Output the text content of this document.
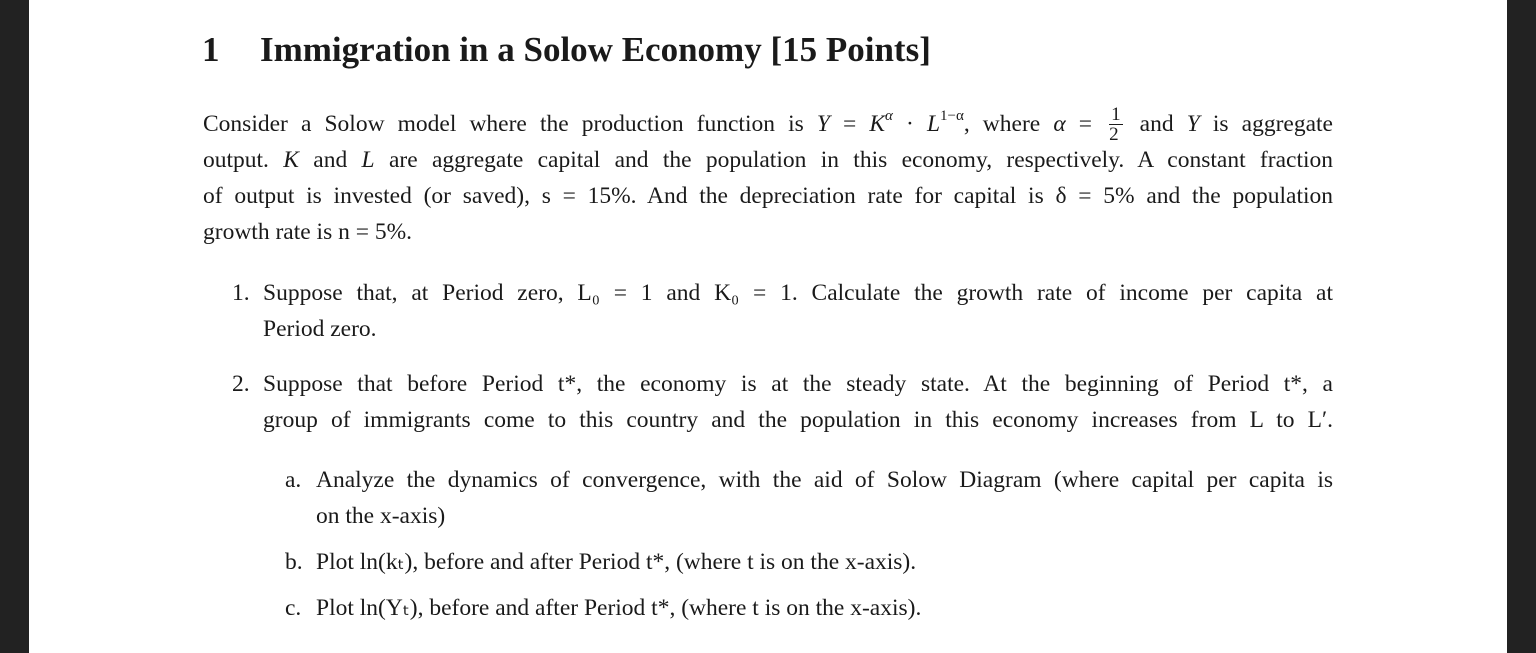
1 Immigration in a Solow Economy [15 Points]
Consider a Solow model where the production function is $Y = K^\alpha \cdot L^{1-\alpha}$, where $\alpha = \frac{1}{2}$ and Y is aggregate
output. K and L are aggregate capital and the population in this economy, respectively. A constant fraction
of output is invested (or saved), s = 15%. And the depreciation rate for capital is δ = 5% and the population
growth rate is n = 5%.
1. Suppose that, at Period zero, L₀ = 1 and K₀ = 1. Calculate the growth rate of income per capita at
Period zero.
2. Suppose that before Period t*, the economy is at the steady state. At the beginning of Period t*, a
group of immigrants come to this country and the population in this economy increases from L to L′.
a. Analyze the dynamics of convergence, with the aid of Solow Diagram (where capital per capita is
on the x-axis)
b. Plot ln(kₜ), before and after Period t*, (where t is on the x-axis).
c. Plot ln(Yₜ), before and after Period t*, (where t is on the x-axis).
